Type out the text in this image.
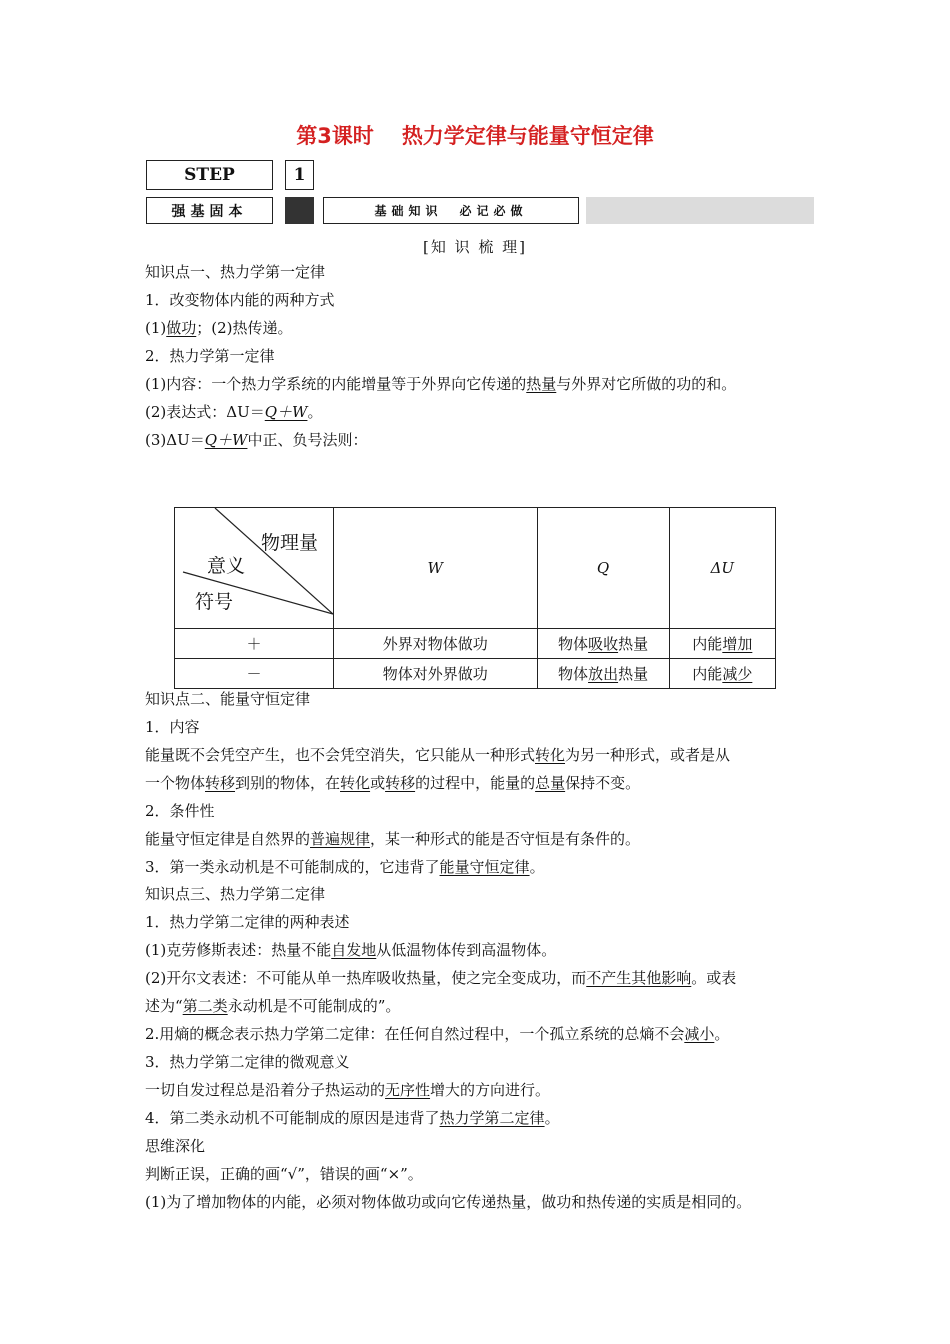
第3课时 热力学定律与能量守恒定律
STEP	1
强基固本	基础知识　必记必做
[知 识 梳 理]
知识点一、热力学第一定律
1．改变物体内能的两种方式
(1)做功；(2)热传递。
2．热力学第一定律
(1)内容：一个热力学系统的内能增量等于外界向它传递的热量与外界对它所做的功的和。
(2)表达式：ΔU＝Q＋W。
(3)ΔU＝Q＋W中正、负号法则：
物理量
意义
符号	W	Q	ΔU
＋	外界对物体做功	物体吸收热量	内能增加
－	物体对外界做功	物体放出热量	内能减少
知识点二、能量守恒定律
1．内容
能量既不会凭空产生，也不会凭空消失，它只能从一种形式转化为另一种形式，或者是从
一个物体转移到别的物体，在转化或转移的过程中，能量的总量保持不变。
2．条件性
能量守恒定律是自然界的普遍规律，某一种形式的能是否守恒是有条件的。
3．第一类永动机是不可能制成的，它违背了能量守恒定律。
知识点三、热力学第二定律
1．热力学第二定律的两种表述
(1)克劳修斯表述：热量不能自发地从低温物体传到高温物体。
(2)开尔文表述：不可能从单一热库吸收热量，使之完全变成功，而不产生其他影响。或表
述为“第二类永动机是不可能制成的”。
2.用熵的概念表示热力学第二定律：在任何自然过程中，一个孤立系统的总熵不会减小。
3．热力学第二定律的微观意义
一切自发过程总是沿着分子热运动的无序性增大的方向进行。
4．第二类永动机不可能制成的原因是违背了热力学第二定律。
思维深化
判断正误，正确的画“√”，错误的画“×”。
(1)为了增加物体的内能，必须对物体做功或向它传递热量，做功和热传递的实质是相同的。
